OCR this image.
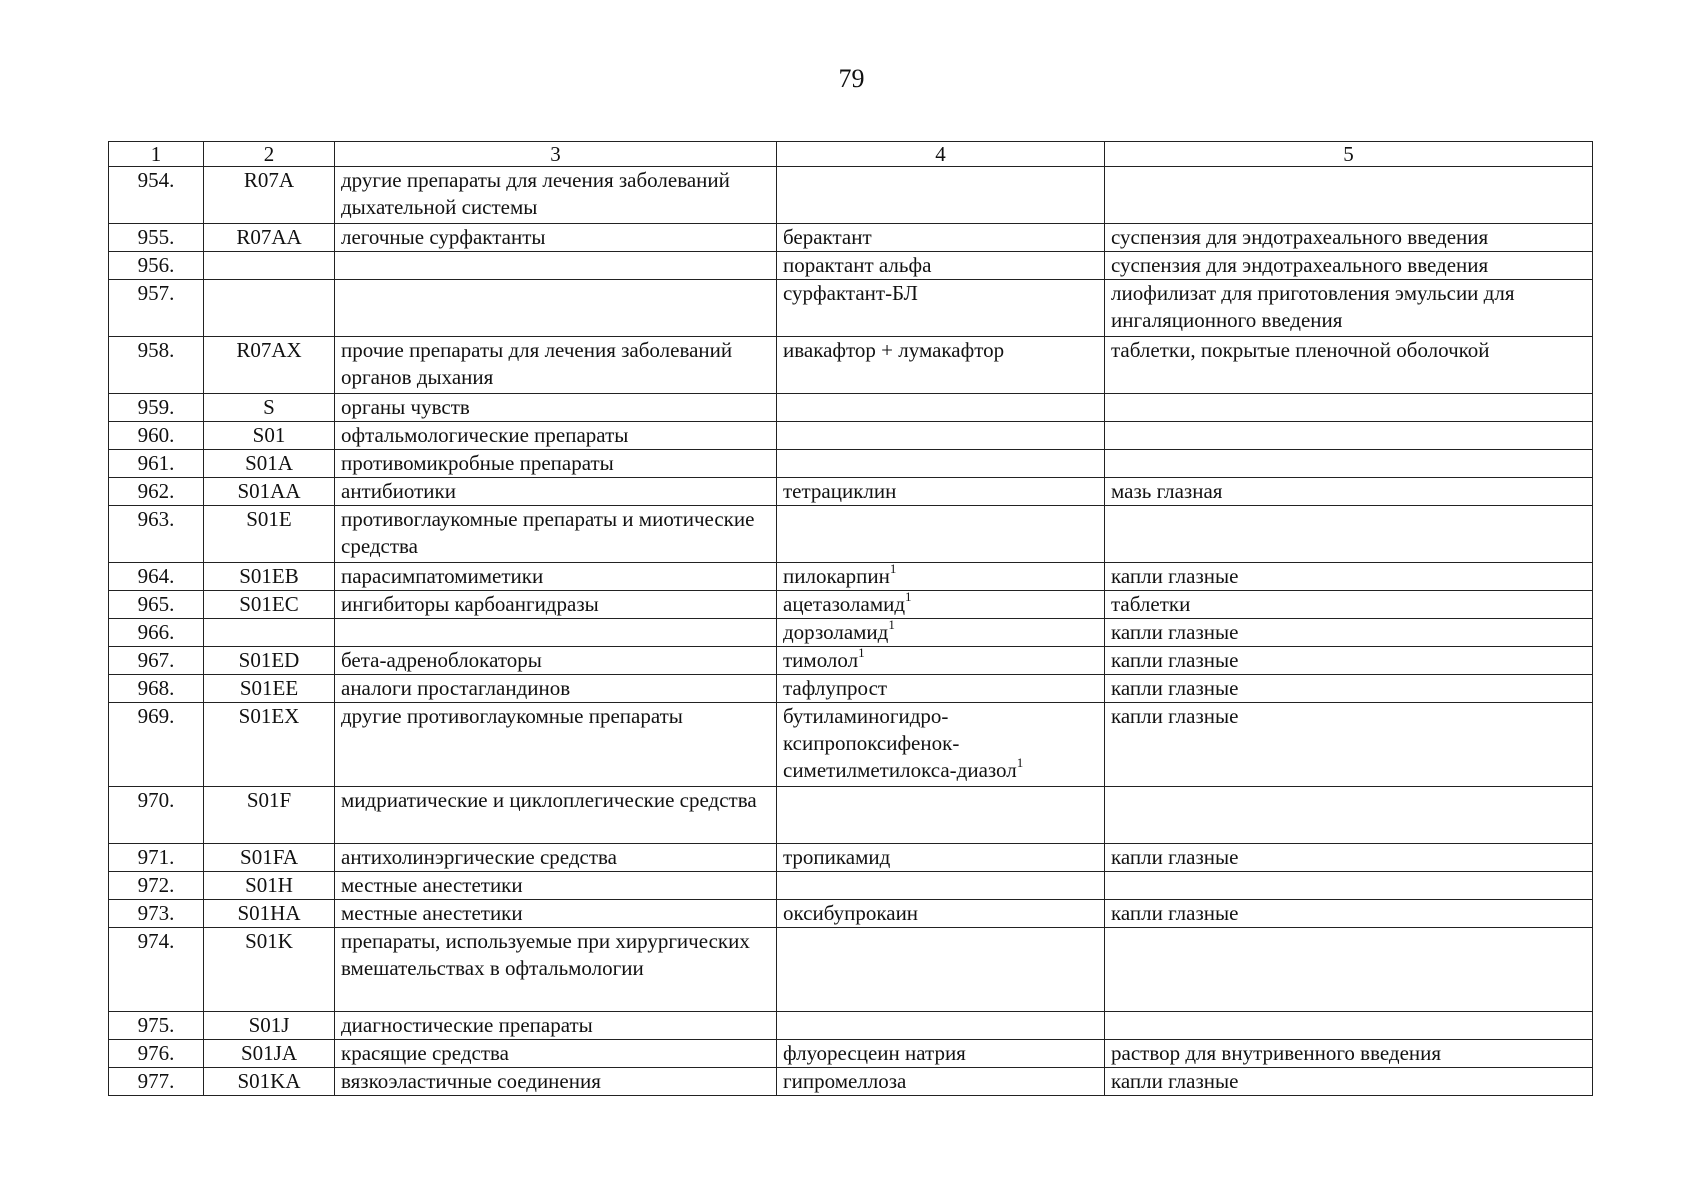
79
1	2	3	4	5
954.	R07A	другие препараты для лечения заболеваний дыхательной системы		
955.	R07AA	легочные сурфактанты	берактант	суспензия для эндотрахеального введения
956.			порактант альфа	суспензия для эндотрахеального введения
957.			сурфактант-БЛ	лиофилизат для приготовления эмульсии для ингаляционного введения
958.	R07AX	прочие препараты для лечения заболеваний органов дыхания	ивакафтор + лумакафтор	таблетки, покрытые пленочной оболочкой
959.	S	органы чувств		
960.	S01	офтальмологические препараты		
961.	S01A	противомикробные препараты		
962.	S01AA	антибиотики	тетрациклин	мазь глазная
963.	S01E	противоглаукомные препараты и миотические средства		
964.	S01EB	парасимпатомиметики	пилокарпин$^1$	капли глазные
965.	S01EC	ингибиторы карбоангидразы	ацетазоламид$^1$	таблетки
966.			дорзоламид$^1$	капли глазные
967.	S01ED	бета-адреноблокаторы	тимолол$^1$	капли глазные
968.	S01EE	аналоги простагландинов	тафлупрост	капли глазные
969.	S01EX	другие противоглаукомные препараты	бутиламиногидро-ксипропоксифенок-симетилметилокса-диазол$^1$	капли глазные
970.	S01F	мидриатические и циклоплегические средства		
971.	S01FA	антихолинэргические средства	тропикамид	капли глазные
972.	S01H	местные анестетики		
973.	S01HA	местные анестетики	оксибупрокаин	капли глазные
974.	S01K	препараты, используемые при хирургических вмешательствах в офтальмологии		
975.	S01J	диагностические препараты		
976.	S01JA	красящие средства	флуоресцеин натрия	раствор для внутривенного введения
977.	S01KA	вязкоэластичные соединения	гипромеллоза	капли глазные
